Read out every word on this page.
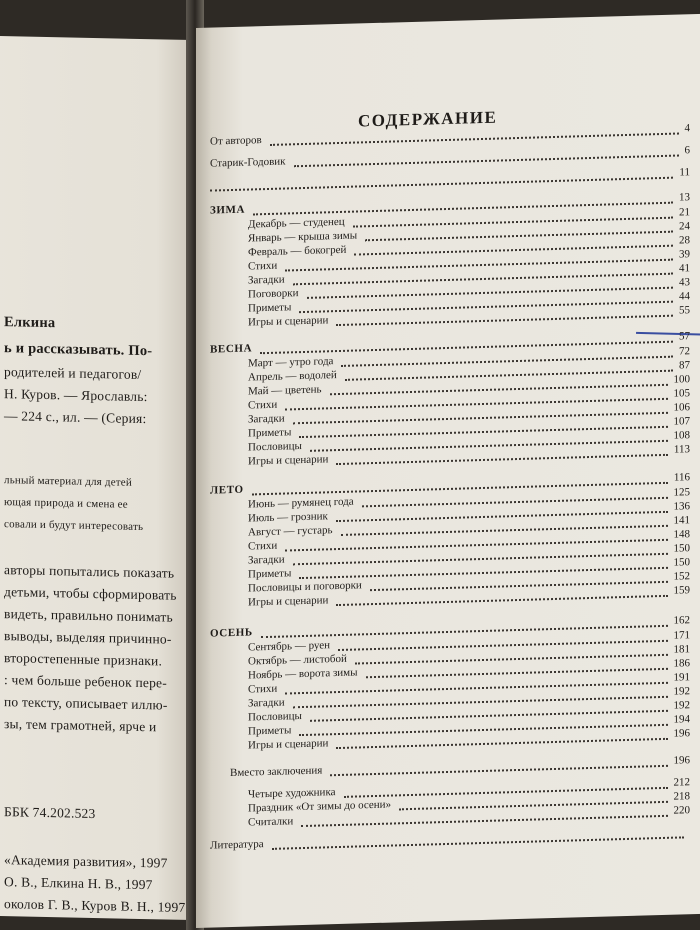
Елкина
ь и рассказывать. По-
родителей и педагогов/
Н. Куров. — Ярославль:
— 224 с., ил. — (Серия:
льный материал для детей
ющая природа и смена ее
совали и будут интересовать
авторы попытались показать
детьми, чтобы сформировать
видеть, правильно понимать
выводы, выделяя причинно-
второстепенные признаки.
: чем больше ребенок пере-
по тексту, описывает иллю-
зы, тем грамотней, ярче и
ББК 74.202.523
«Академия развития», 1997
О. В., Елкина Н. В., 1997
околов Г. В., Куров В. Н., 1997
СОДЕРЖАНИЕ
От авторов
4
Старик-Годовик
6
11
ЗИМА
13
Декабрь — студенец
21
Январь — крыша зимы
24
Февраль — бокогрей
28
Стихи
39
Загадки
41
Поговорки
43
Приметы
44
Игры и сценарии
55
ВЕСНА
57
Март — утро года
72
Апрель — водолей
87
Май — цветень
100
Стихи
105
Загадки
106
Приметы
107
Пословицы
108
Игры и сценарии
113
ЛЕТО
116
Июнь — румянец года
125
Июль — грозник
136
Август — густарь
141
Стихи
148
Загадки
150
Приметы
150
Пословицы и поговорки
152
Игры и сценарии
159
ОСЕНЬ
162
Сентябрь — руен
171
Октябрь — листобой
181
Ноябрь — ворота зимы
186
Стихи
191
Загадки
192
Пословицы
192
Приметы
194
Игры и сценарии
196
Вместо заключения
196
Четыре художника
212
Праздник «От зимы до осени»
218
Считалки
220
Литература
